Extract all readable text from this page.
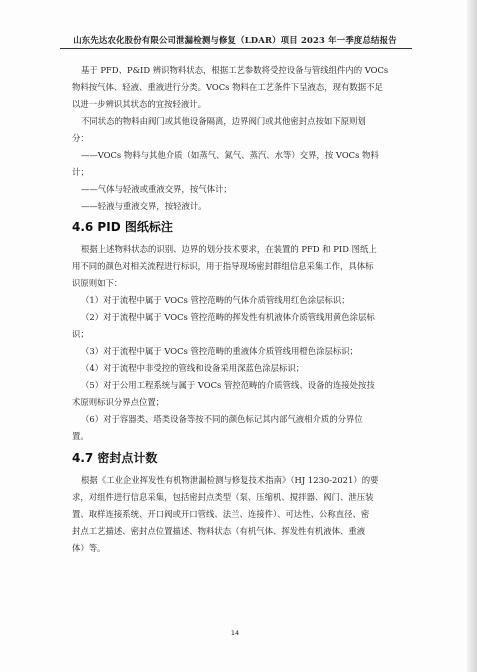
山东先达农化股份有限公司泄漏检测与修复（LDAR）项目 2023 年一季度总结报告
基于 PFD、P&ID 辨识物料状态，根据工艺参数将受控设备与管线组件内的 VOCs
物料按气体、轻液、重液进行分类。VOCs 物料在工艺条件下呈液态，现有数据不足
以进一步辨识其状态的宜按轻液计。
不同状态的物料由阀门或其他设备隔离，边界阀门或其他密封点按如下原则划
分：
——VOCs 物料与其他介质（如蒸气、氮气、蒸汽、水等）交界，按 VOCs 物料
计；
——气体与轻液或重液交界，按气体计；
——轻液与重液交界，按轻液计。
4.6 PID 图纸标注
根据上述物料状态的识别、边界的划分技术要求，在装置的 PFD 和 PID 图纸上
用不同的颜色对相关流程进行标识，用于指导现场密封群组信息采集工作，具体标
识原则如下：
（1）对于流程中属于 VOCs 管控范畴的气体介质管线用红色涂层标识；
（2）对于流程中属于 VOCs 管控范畴的挥发性有机液体介质管线用黄色涂层标
识；
（3）对于流程中属于 VOCs 管控范畴的重液体介质管线用橙色涂层标识；
（4）对于流程中非受控的管线和设备采用深蓝色涂层标识；
（5）对于公用工程系统与属于 VOCs 管控范畴的介质管线、设备的连接处按技
术原则标识分界点位置；
（6）对于容器类、塔类设备等按不同的颜色标记其内部气液相介质的分界位
置。
4.7 密封点计数
根据《工业企业挥发性有机物泄漏检测与修复技术指南》（HJ 1230-2021）的要
求，对组件进行信息采集，包括密封点类型（泵、压缩机、搅拌器、阀门、泄压装
置、取样连接系统、开口阀或开口管线、法兰、连接件）、可达性、公称直径、密
封点工艺描述、密封点位置描述、物料状态（有机气体、挥发性有机液体、重液
体）等。
14
